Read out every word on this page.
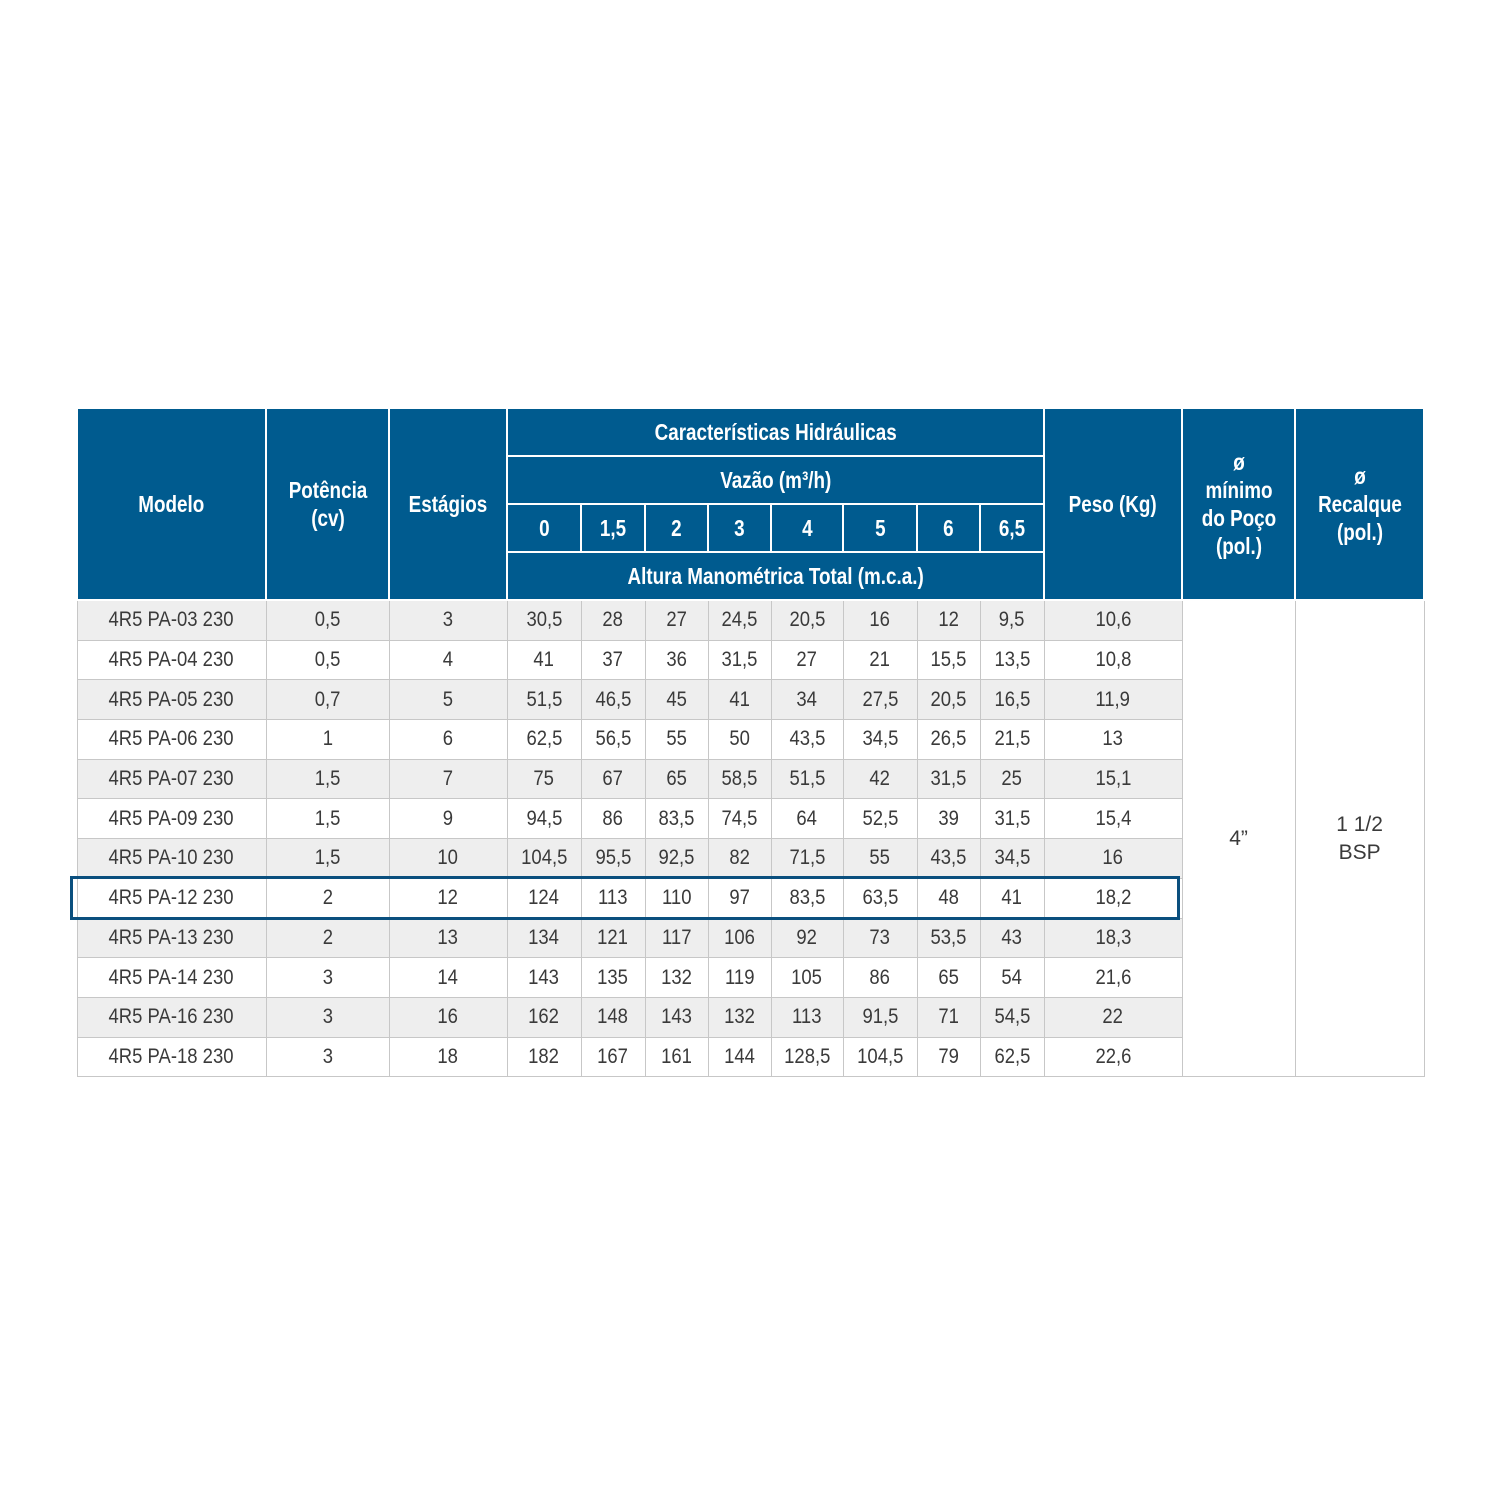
Modelo	Potência (cv)	Estágios	Características Hidráulicas								Peso (Kg)	ø mínimo do Poço (pol.)	ø Recalque (pol.)
			Vazão (m³/h)										
			0	1,5	2	3	4	5	6	6,5			
			Altura Manométrica Total (m.c.a.)										
4R5 PA-03 230	0,5	3	30,5	28	27	24,5	20,5	16	12	9,5	10,6	4”	1 1/2 BSP
4R5 PA-04 230	0,5	4	41	37	36	31,5	27	21	15,5	13,5	10,8		
4R5 PA-05 230	0,7	5	51,5	46,5	45	41	34	27,5	20,5	16,5	11,9		
4R5 PA-06 230	1	6	62,5	56,5	55	50	43,5	34,5	26,5	21,5	13		
4R5 PA-07 230	1,5	7	75	67	65	58,5	51,5	42	31,5	25	15,1		
4R5 PA-09 230	1,5	9	94,5	86	83,5	74,5	64	52,5	39	31,5	15,4		
4R5 PA-10 230	1,5	10	104,5	95,5	92,5	82	71,5	55	43,5	34,5	16		
4R5 PA-12 230	2	12	124	113	110	97	83,5	63,5	48	41	18,2		
4R5 PA-13 230	2	13	134	121	117	106	92	73	53,5	43	18,3		
4R5 PA-14 230	3	14	143	135	132	119	105	86	65	54	21,6		
4R5 PA-16 230	3	16	162	148	143	132	113	91,5	71	54,5	22		
4R5 PA-18 230	3	18	182	167	161	144	128,5	104,5	79	62,5	22,6		
